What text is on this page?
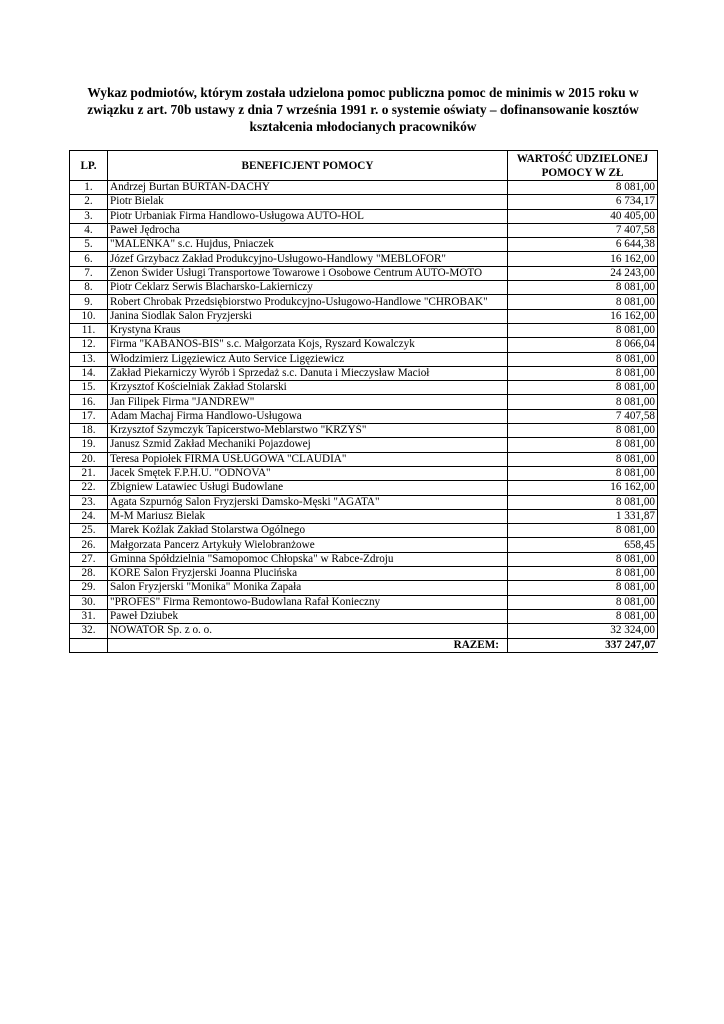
Wykaz podmiotów, którym została udzielona pomoc publiczna pomoc de minimis w 2015 roku w związku z art. 70b ustawy z dnia 7 września 1991 r. o systemie oświaty – dofinansowanie kosztów kształcenia młodocianych pracowników
LP.	BENEFICJENT POMOCY	WARTOŚĆ UDZIELONEJ POMOCY W ZŁ
1.	Andrzej Burtan BURTAN-DACHY	8 081,00
2.	Piotr Bielak	6 734,17
3.	Piotr Urbaniak Firma Handlowo-Usługowa AUTO-HOL	40 405,00
4.	Paweł Jędrocha	7 407,58
5.	"MALEŃKA" s.c. Hujdus, Pniaczek	6 644,38
6.	Józef Grzybacz Zakład Produkcyjno-Usługowo-Handlowy "MEBLOFOR"	16 162,00
7.	Zenon Świder Usługi Transportowe Towarowe i Osobowe Centrum AUTO-MOTO	24 243,00
8.	Piotr Ceklarz Serwis Blacharsko-Lakierniczy	8 081,00
9.	Robert Chrobak Przedsiębiorstwo Produkcyjno-Usługowo-Handlowe "CHROBAK"	8 081,00
10.	Janina Siodlak Salon Fryzjerski	16 162,00
11.	Krystyna Kraus	8 081,00
12.	Firma "KABANOS-BIS" s.c. Małgorzata Kojs, Ryszard Kowalczyk	8 066,04
13.	Włodzimierz Ligęziewicz Auto Service Ligęziewicz	8 081,00
14.	Zakład Piekarniczy Wyrób i Sprzedaż s.c. Danuta i Mieczysław Macioł	8 081,00
15.	Krzysztof Kościelniak Zakład Stolarski	8 081,00
16.	Jan Filipek Firma "JANDREW"	8 081,00
17.	Adam Machaj Firma Handlowo-Usługowa	7 407,58
18.	Krzysztof Szymczyk Tapicerstwo-Meblarstwo "KRZYŚ"	8 081,00
19.	Janusz Szmid Zakład Mechaniki Pojazdowej	8 081,00
20.	Teresa Popiołek FIRMA USŁUGOWA "CLAUDIA"	8 081,00
21.	Jacek Smętek F.P.H.U. "ODNOVA"	8 081,00
22.	Zbigniew Latawiec Usługi Budowlane	16 162,00
23.	Agata Szpurnóg Salon Fryzjerski Damsko-Męski "AGATA"	8 081,00
24.	M-M Mariusz Bielak	1 331,87
25.	Marek Koźlak Zakład Stolarstwa Ogólnego	8 081,00
26.	Małgorzata Pancerz Artykuły Wielobranżowe	658,45
27.	Gminna Spółdzielnia "Samopomoc Chłopska" w Rabce-Zdroju	8 081,00
28.	KORE Salon Fryzjerski Joanna Plucińska	8 081,00
29.	Salon Fryzjerski "Monika" Monika Zapała	8 081,00
30.	"PROFES" Firma Remontowo-Budowlana Rafał Konieczny	8 081,00
31.	Paweł Dziubek	8 081,00
32.	NOWATOR Sp. z o. o.	32 324,00
	RAZEM:	337 247,07
